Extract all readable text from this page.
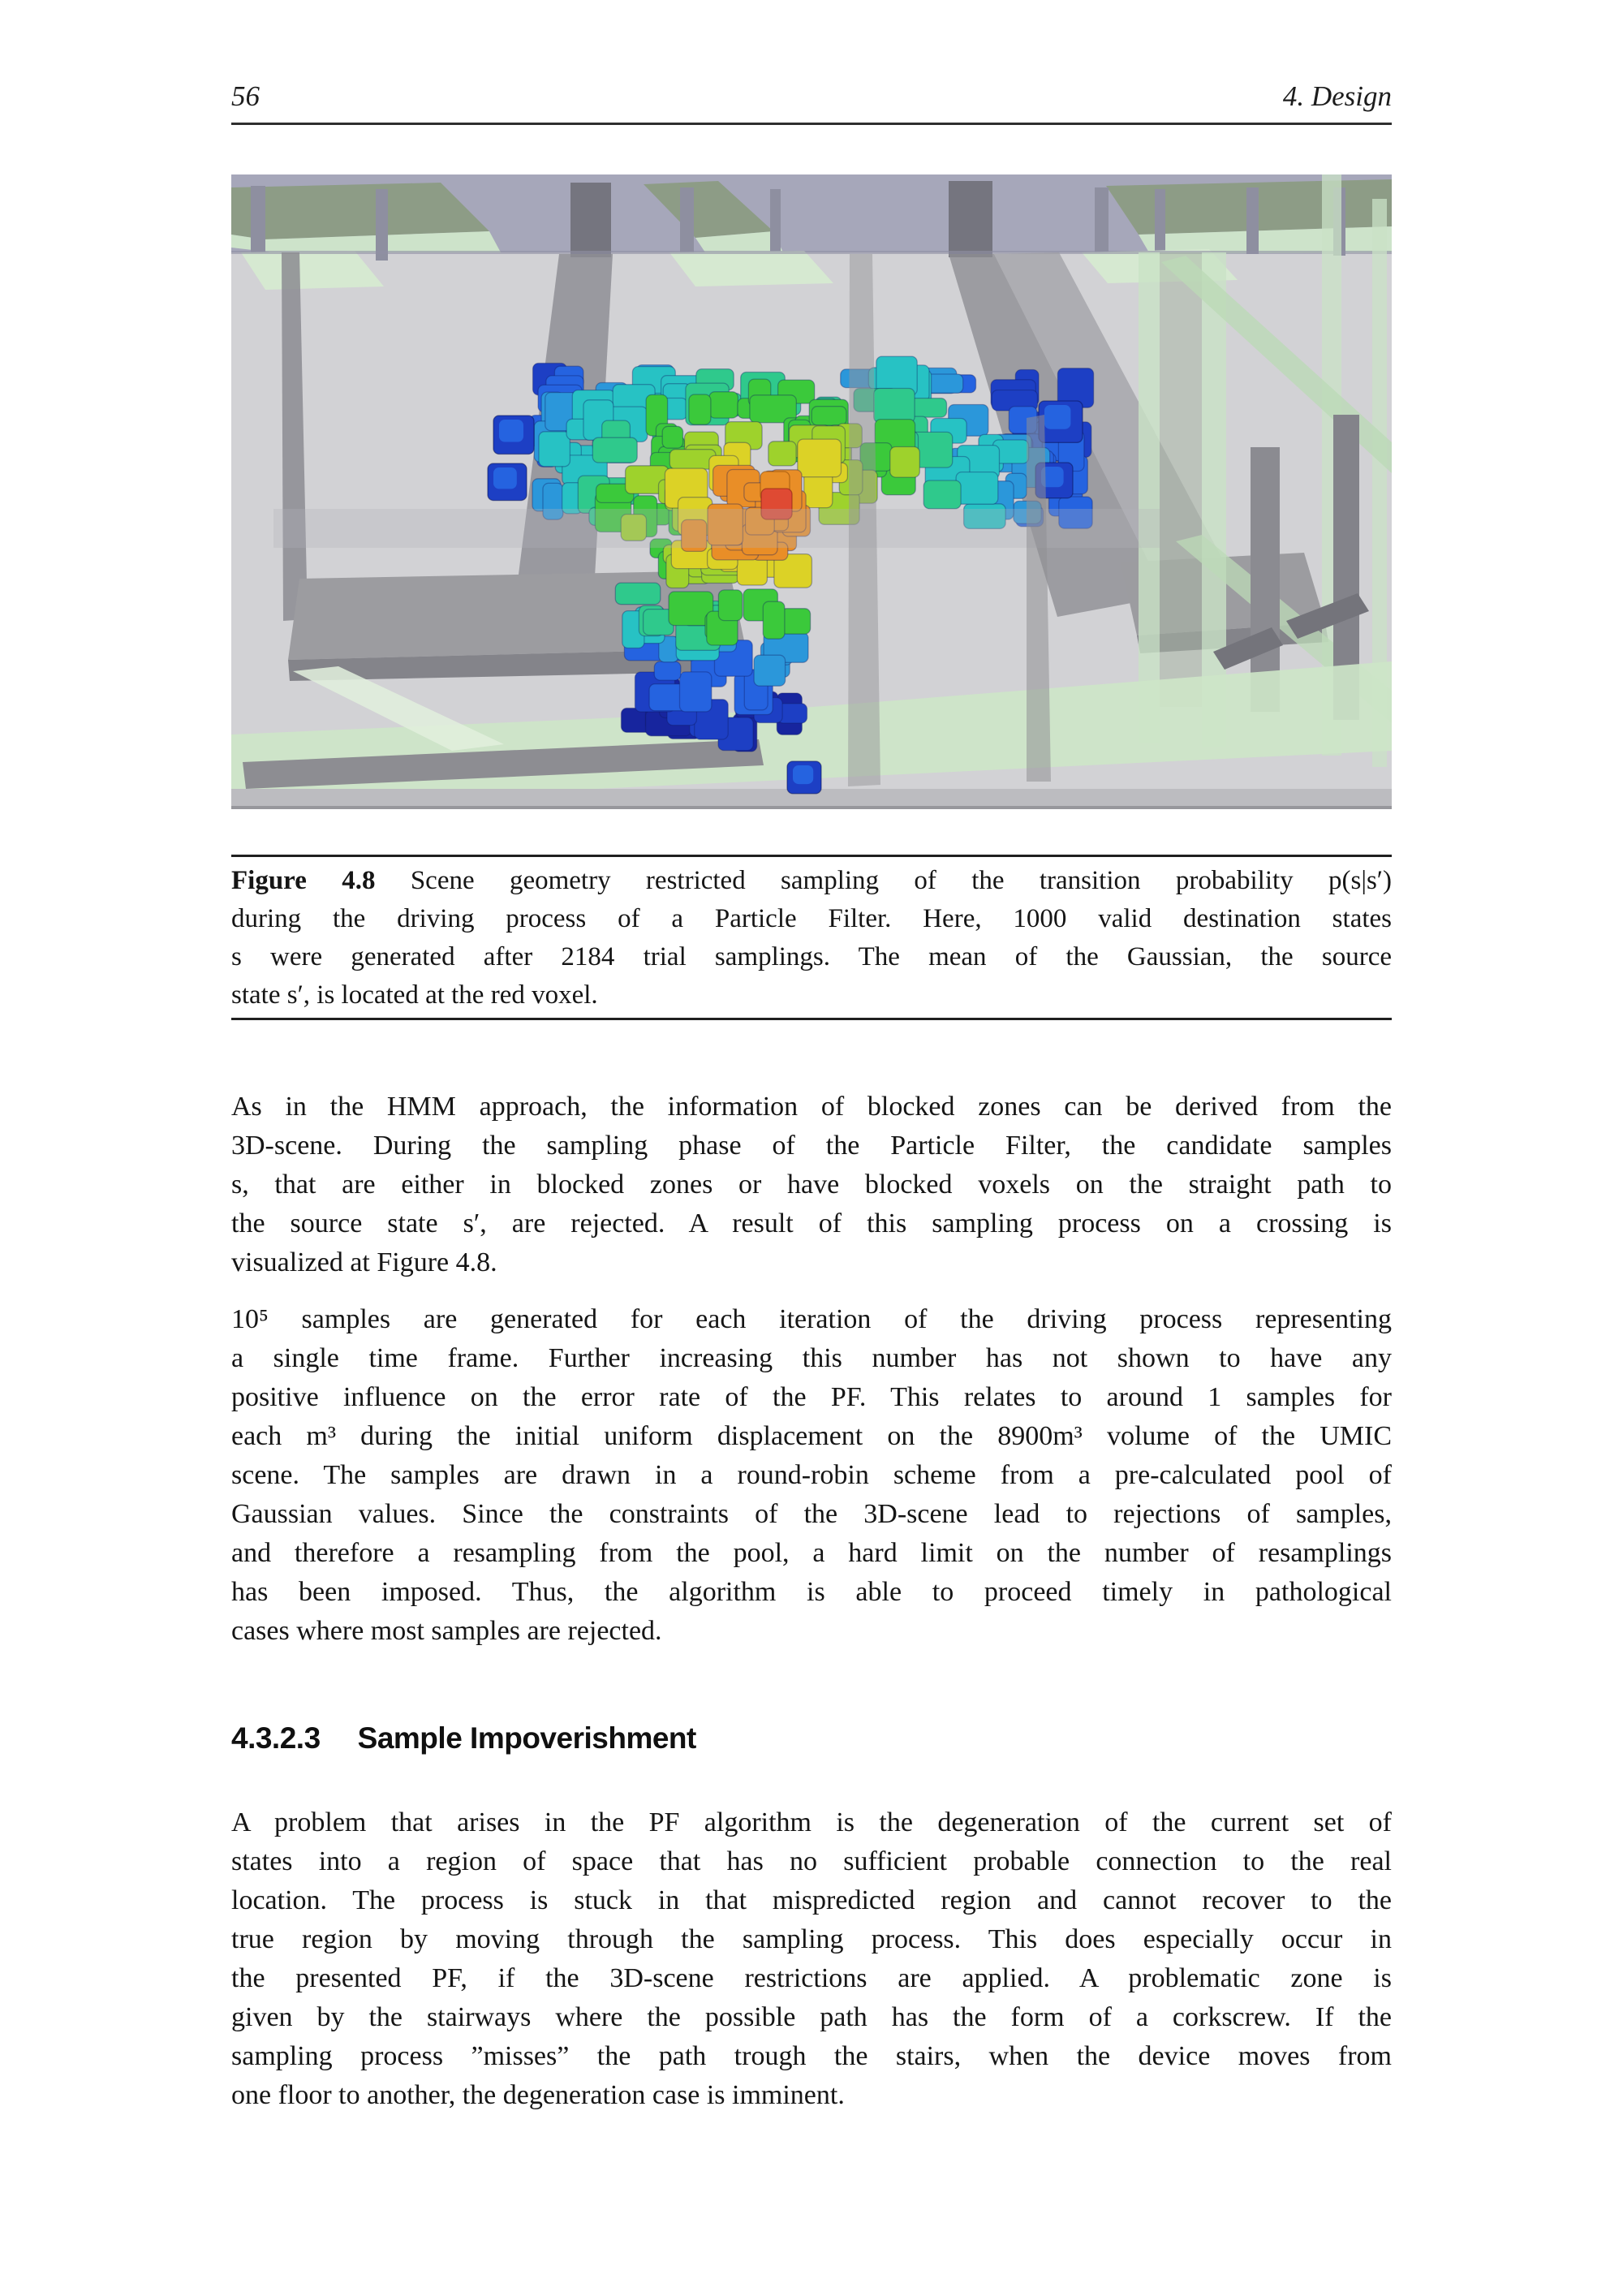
56	4. Design
Figure 4.8 Scene geometry restricted sampling of the transition probability p(s|s′)
during the driving process of a Particle Filter. Here, 1000 valid destination states
s were generated after 2184 trial samplings. The mean of the Gaussian, the source
state s′, is located at the red voxel.
As in the HMM approach, the information of blocked zones can be derived from the
3D-scene. During the sampling phase of the Particle Filter, the candidate samples
s, that are either in blocked zones or have blocked voxels on the straight path to
the source state s′, are rejected. A result of this sampling process on a crossing is
visualized at Figure 4.8.
10⁵ samples are generated for each iteration of the driving process representing
a single time frame. Further increasing this number has not shown to have any
positive influence on the error rate of the PF. This relates to around 1 samples for
each m³ during the initial uniform displacement on the 8900m³ volume of the UMIC
scene. The samples are drawn in a round-robin scheme from a pre-calculated pool of
Gaussian values. Since the constraints of the 3D-scene lead to rejections of samples,
and therefore a resampling from the pool, a hard limit on the number of resamplings
has been imposed. Thus, the algorithm is able to proceed timely in pathological
cases where most samples are rejected.
4.3.2.3 Sample Impoverishment
A problem that arises in the PF algorithm is the degeneration of the current set of
states into a region of space that has no sufficient probable connection to the real
location. The process is stuck in that mispredicted region and cannot recover to the
true region by moving through the sampling process. This does especially occur in
the presented PF, if the 3D-scene restrictions are applied. A problematic zone is
given by the stairways where the possible path has the form of a corkscrew. If the
sampling process ”misses” the path trough the stairs, when the device moves from
one floor to another, the degeneration case is imminent.
